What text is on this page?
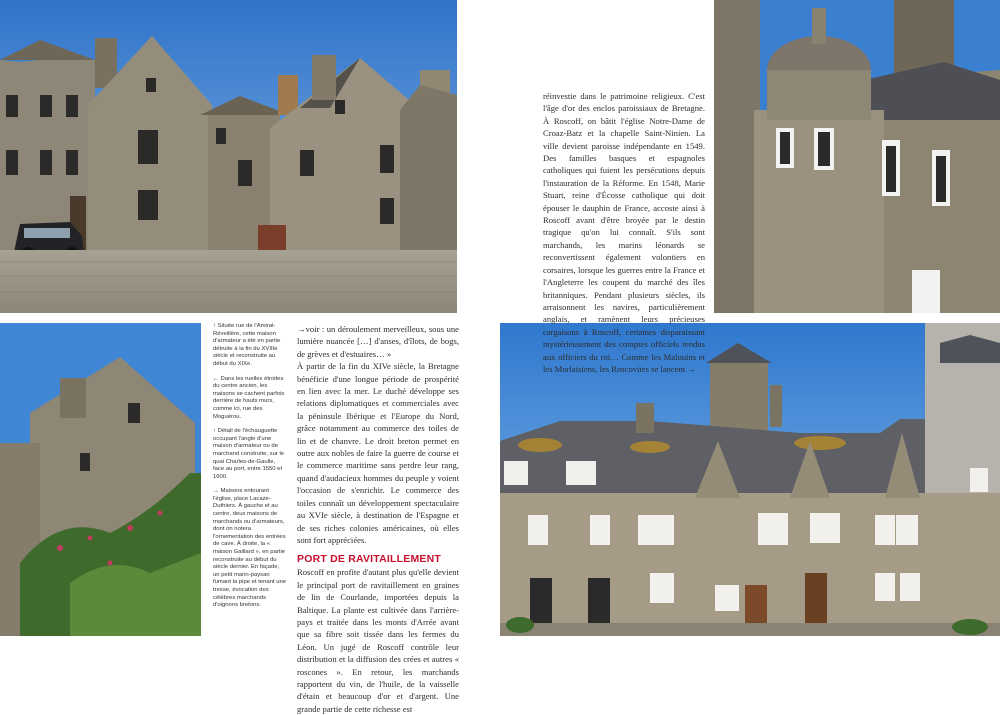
réinvestie dans le patrimoine religieux. C'est l'âge d'or des enclos paroissiaux de Bretagne. À Roscoff, on bâtit l'église Notre-Dame de Croaz-Batz et la chapelle Saint-Ninien. La ville devient paroisse indépendante en 1549. Des familles basques et espagnoles catholiques qui fuient les persécutions depuis l'instauration de la Réforme. En 1548, Marie Stuart, reine d'Écosse catholique qui doit épouser le dauphin de France, accoste ainsi à Roscoff avant d'être broyée par le destin tragique qu'on lui connaît. S'ils sont marchands, les marins léonards se reconvertissent également volontiers en corsaires, lorsque les guerres entre la France et l'Angleterre les coupent du marché des îles britanniques. Pendant plusieurs siècles, ils arraisonnent les navires, particulièrement anglais, et ramènent leurs précieuses cargaisons à Roscoff, certaines disparaissant mystérieusement des comptes officiels rendus aux officiers du roi… Comme les Malouins et les Morlaisiens, les Roscovites se lancent →

↑ Située rue de l'Amiral-Réveillère, cette maison d'armateur a été en partie détruite à la fin du XVIIIe siècle et reconstruite au début du XIXe.

← Dans les ruelles étroites du centre ancien, les maisons se cachent parfois derrière de hauts murs, comme ici, rue des Moguérou.

↑ Détail de l'échauguette occupant l'angle d'une maison d'armateur ou de marchand construite, sur le quai Charles-de-Gaulle, face au port, entre 1550 et 1600.

→ Maisons entourant l'église, place Lacaze-Duthiers. À gauche et au centre, deux maisons de marchands ou d'armateurs, dont on notera l'ornementation des entrées de cave. À droite, la « maison Gaillard », en partie reconstruite au début du siècle dernier. En façade, un petit marin-paysan fumant la pipe et tenant une tresse, évocation des célèbres marchands d'oignons bretons.

→voir : un déroulement merveilleux, sous une lumière nuancée […] d'anses, d'îlots, de bogs, de grèves et d'estuaires… »

À partir de la fin du XIVe siècle, la Bretagne bénéficie d'une longue période de prospérité en lien avec la mer. Le duché développe ses relations diplomatiques et commerciales avec la péninsule Ibérique et l'Europe du Nord, grâce notamment au commerce des toiles de lin et de chanvre. Le droit breton permet en outre aux nobles de faire la guerre de course et le commerce maritime sans perdre leur rang, quand d'audacieux hommes du peuple y voient l'occasion de s'enrichir. Le commerce des toiles connaît un développement spectaculaire au XVIe siècle, à destination de l'Espagne et de ses riches colonies américaines, où elles sont fort appréciées.

PORT DE RAVITAILLEMENT

Roscoff en profite d'autant plus qu'elle devient le principal port de ravitaillement en graines de lin de Courlande, importées depuis la Baltique. La plante est cultivée dans l'arrière-pays et traitée dans les monts d'Arrée avant que sa fibre soit tissée dans les fermes du Léon. Un jugé de Roscoff contrôle leur distribution et la diffusion des crées et autres « roscones ». En retour, les marchands rapportent du vin, de l'huile, de la vaisselle d'étain et beaucoup d'or et d'argent. Une grande partie de cette richesse est
